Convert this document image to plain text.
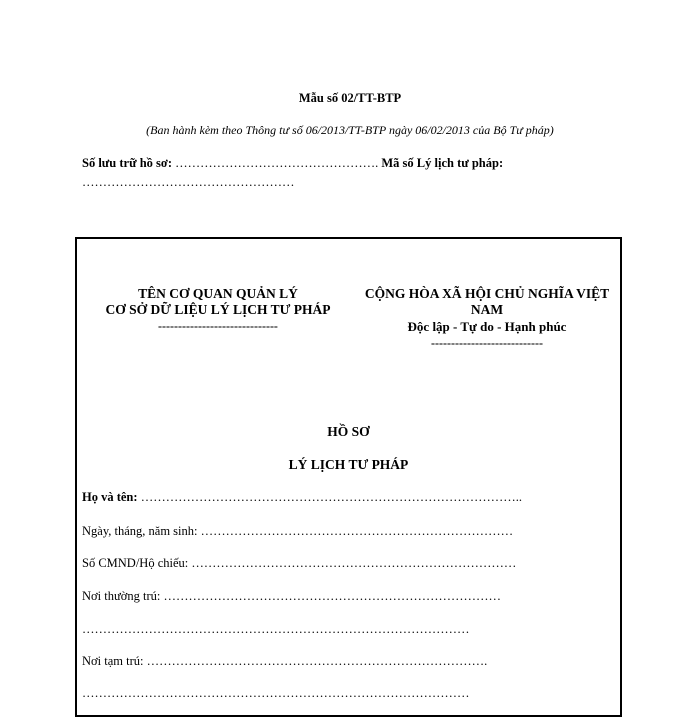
Mẫu số 02/TT-BTP
(Ban hành kèm theo Thông tư số 06/2013/TT-BTP ngày 06/02/2013 của Bộ Tư pháp)
Số lưu trữ hồ sơ: …………………………………………. Mã số Lý lịch tư pháp:
……………………………………………
TÊN CƠ QUAN QUẢN LÝ
CƠ SỞ DỮ LIỆU LÝ LỊCH TƯ PHÁP
------------------------------
CỘNG HÒA XÃ HỘI CHỦ NGHĨA VIỆT NAM
Độc lập - Tự do - Hạnh phúc
----------------------------
HỒ SƠ
LÝ LỊCH TƯ PHÁP
Họ và tên: ………………………………………………………………………………..
Ngày, tháng, năm sinh: …………………………………………………………………
Số CMND/Hộ chiếu: ……………………………………………………………………
Nơi thường trú: ………………………………………………………………………
…………………………………………………………………………………
Nơi tạm trú: ……………………………………………………………………….
…………………………………………………………………………………
